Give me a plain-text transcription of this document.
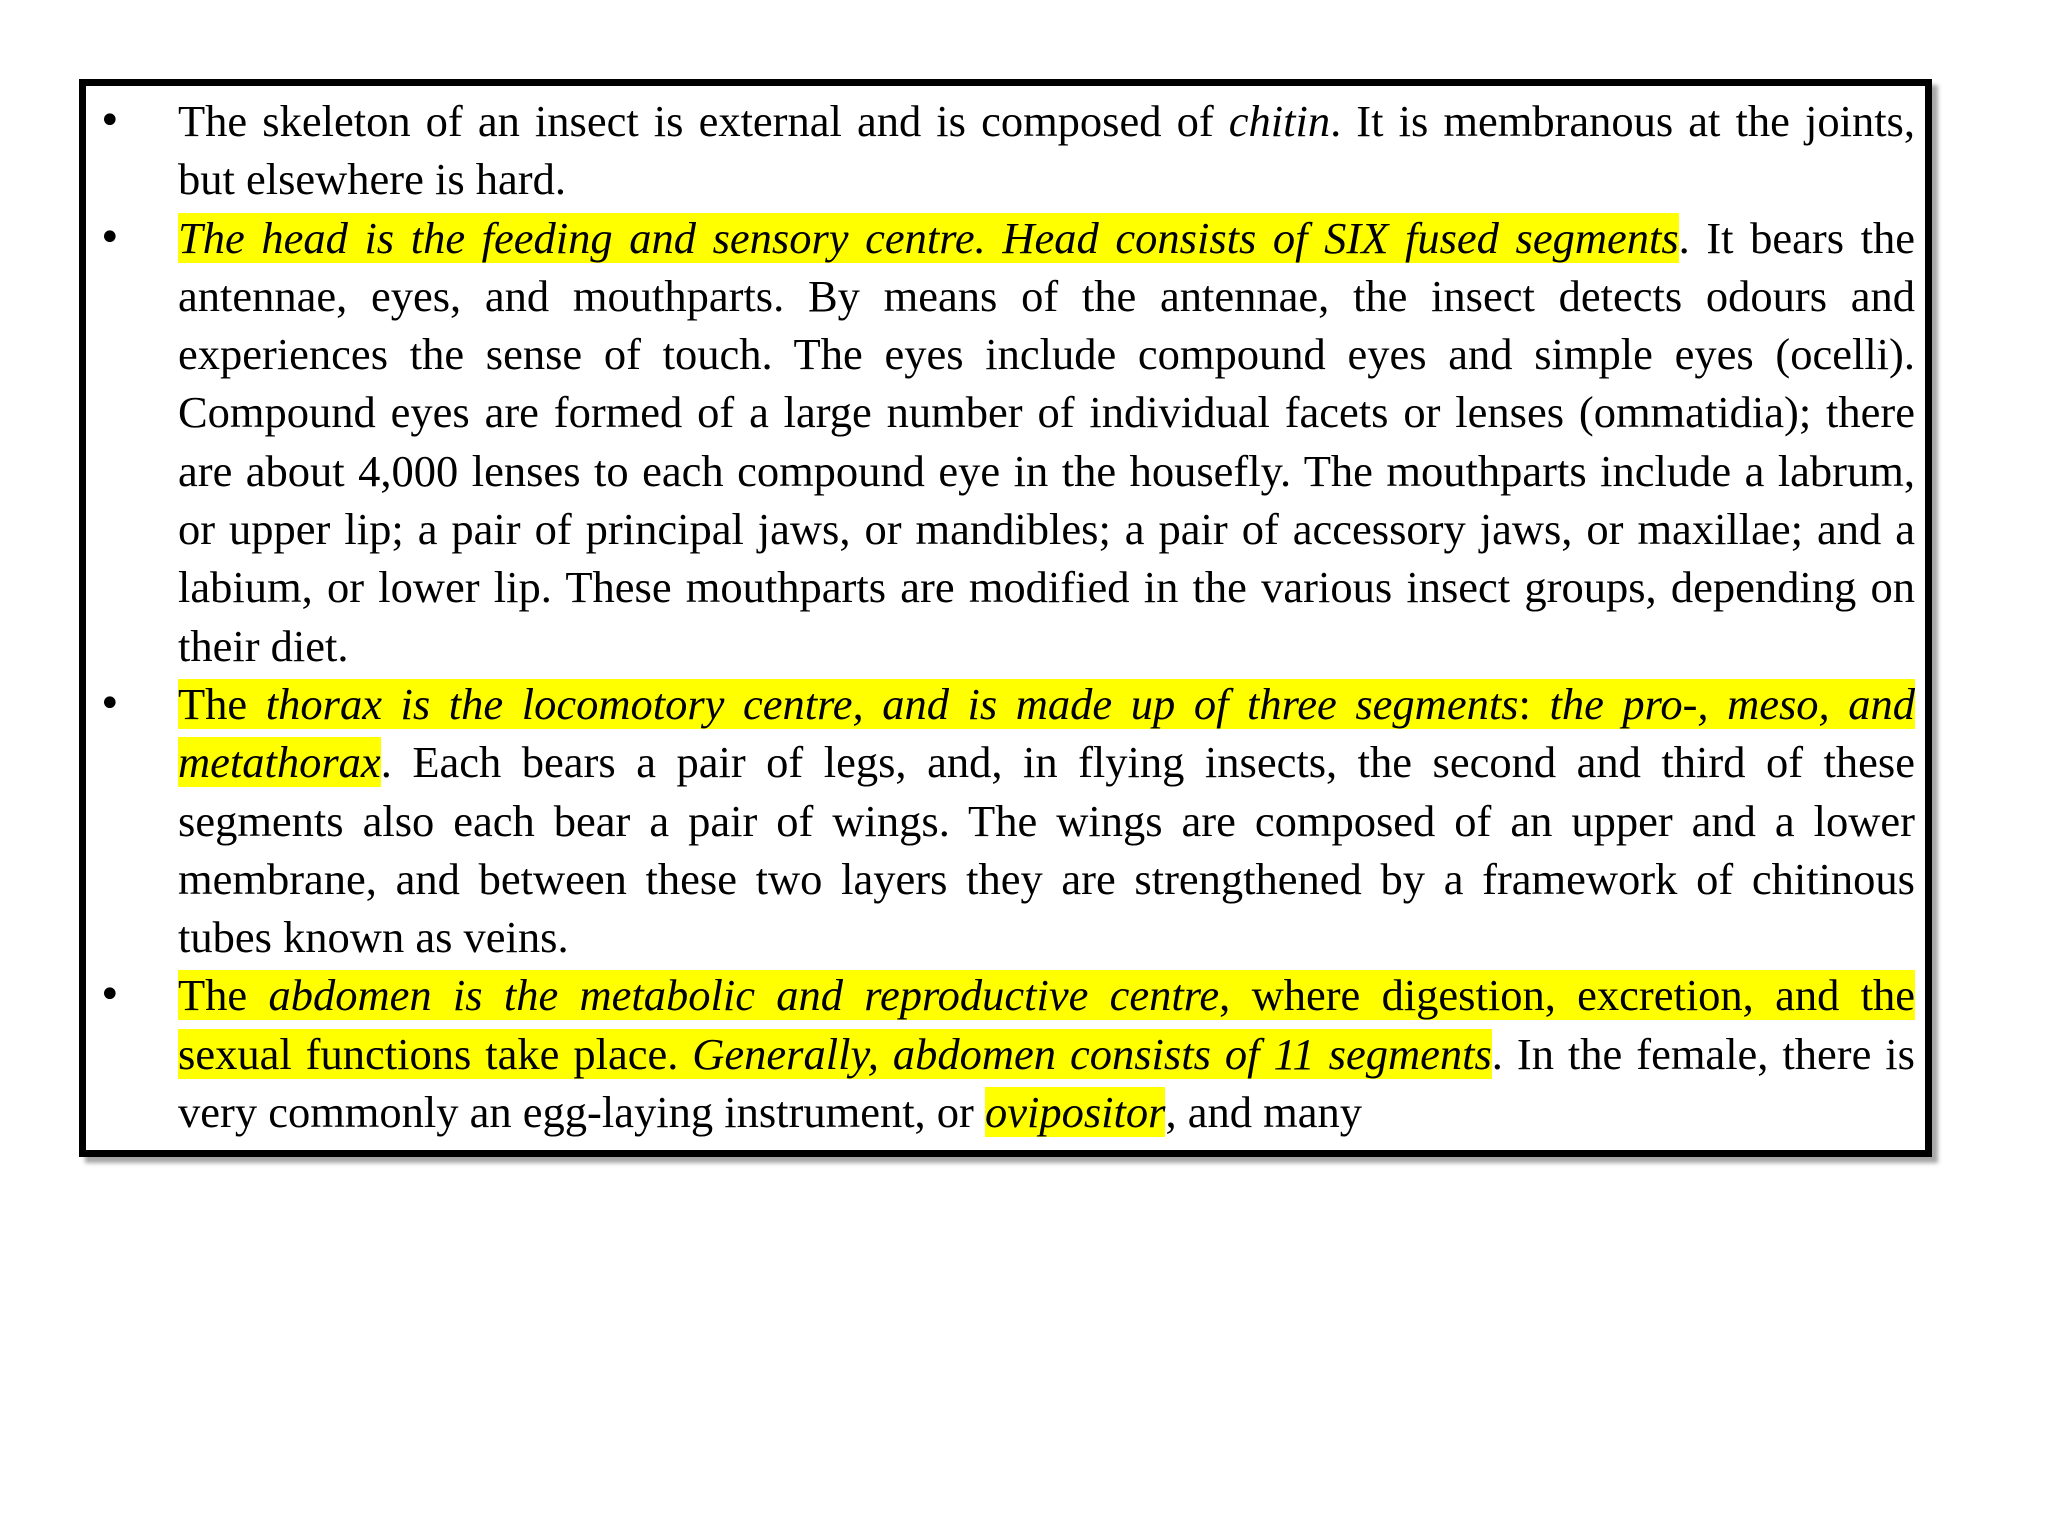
•	The skeleton of an insect is external and is composed of chitin. It is membranous at the joints, but elsewhere is hard.
•	The head is the feeding and sensory centre. Head consists of SIX fused segments. It bears the antennae, eyes, and mouthparts. By means of the antennae, the insect detects odours and experiences the sense of touch. The eyes include compound eyes and simple eyes (ocelli). Compound eyes are formed of a large number of individual facets or lenses (ommatidia); there are about 4,000 lenses to each compound eye in the housefly. The mouthparts include a labrum, or upper lip; a pair of principal jaws, or mandibles; a pair of accessory jaws, or maxillae; and a labium, or lower lip. These mouthparts are modified in the various insect groups, depending on their diet.
•	The thorax is the locomotory centre, and is made up of three segments: the pro-, meso, and metathorax. Each bears a pair of legs, and, in flying insects, the second and third of these segments also each bear a pair of wings. The wings are composed of an upper and a lower membrane, and between these two layers they are strengthened by a framework of chitinous tubes known as veins.
•	The abdomen is the metabolic and reproductive centre, where digestion, excretion, and the sexual functions take place. Generally, abdomen consists of 11 segments. In the female, there is very commonly an egg-laying instrument, or ovipositor, and many
